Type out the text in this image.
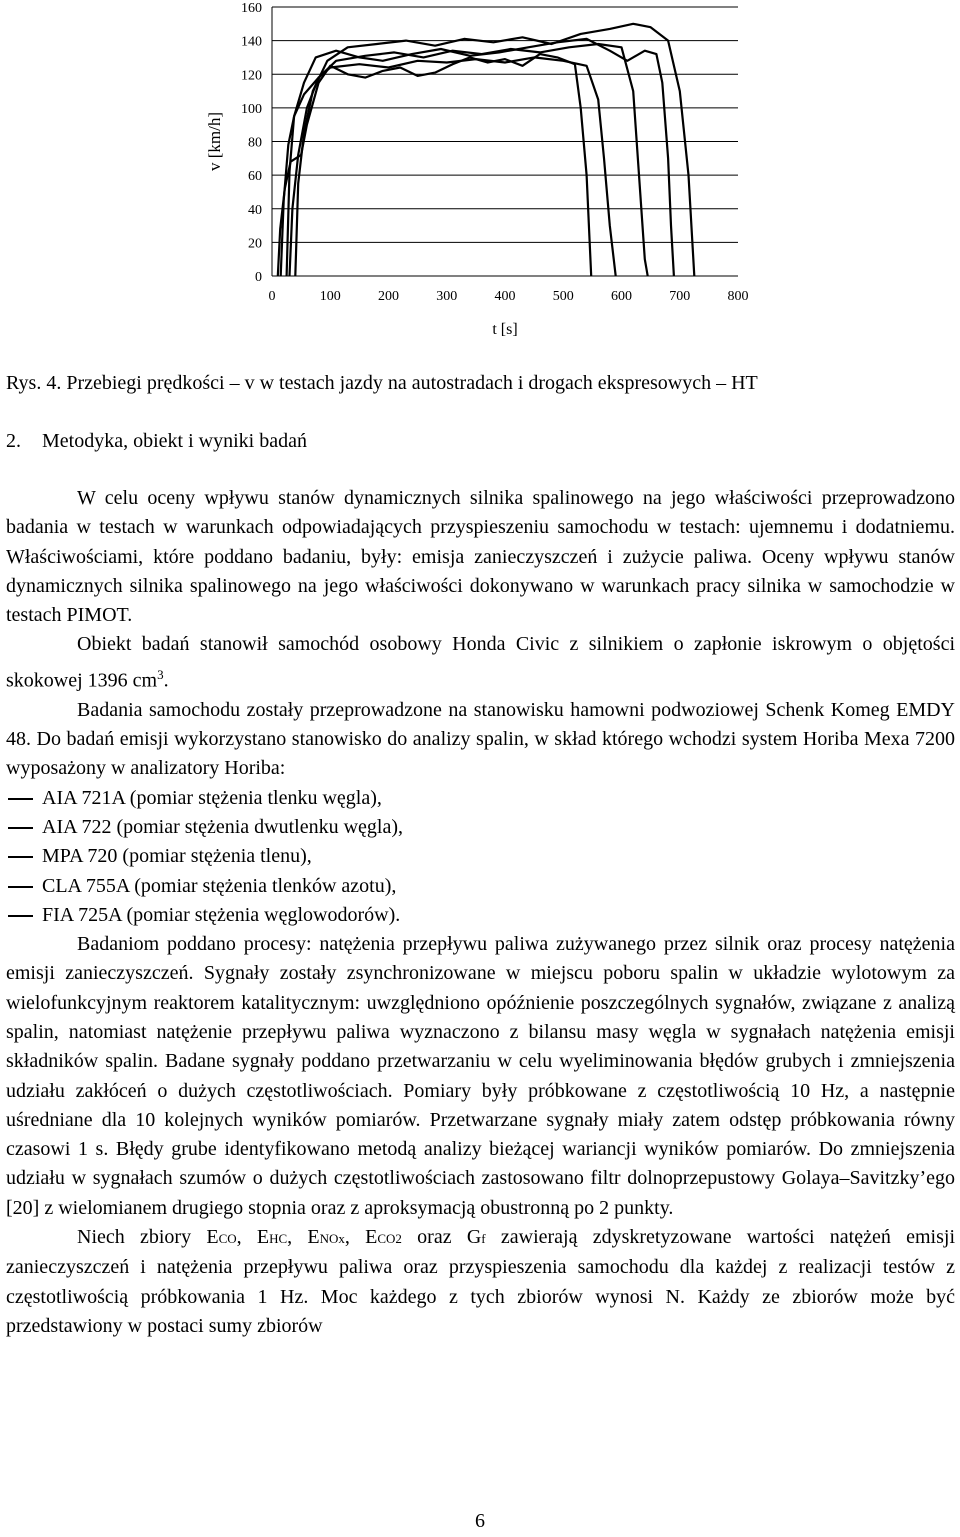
0
20
40
60
80
100
120
140
160
0	100	200	300	400	500	600	700	800
v [km/h]
t [s]
Rys. 4. Przebiegi prędkości – v w testach jazdy na autostradach i drogach ekspresowych – HT
2. Metodyka, obiekt i wyniki badań

W celu oceny wpływu stanów dynamicznych silnika spalinowego na jego właściwości przeprowadzono badania w testach w warunkach odpowiadających przyspieszeniu samochodu w testach: ujemnemu i dodatniemu. Właściwościami, które poddano badaniu, były: emisja zanieczyszczeń i zużycie paliwa. Oceny wpływu stanów dynamicznych silnika spalinowego na jego właściwości dokonywano w warunkach pracy silnika w samochodzie w testach PIMOT.

Obiekt badań stanowił samochód osobowy Honda Civic z silnikiem o zapłonie iskrowym o objętości skokowej 1396 $cm^3$.

Badania samochodu zostały przeprowadzone na stanowisku hamowni podwoziowej Schenk Komeg EMDY 48. Do badań emisji wykorzystano stanowisko do analizy spalin, w skład którego wchodzi system Horiba Mexa 7200 wyposażony w analizatory Horiba:

AIA 721A (pomiar stężenia tlenku węgla),
AIA 722 (pomiar stężenia dwutlenku węgla),
MPA 720 (pomiar stężenia tlenu),
CLA 755A (pomiar stężenia tlenków azotu),
FIA 725A (pomiar stężenia węglowodorów).

Badaniom poddano procesy: natężenia przepływu paliwa zużywanego przez silnik oraz procesy natężenia emisji zanieczyszczeń. Sygnały zostały zsynchronizowane w miejscu poboru spalin w układzie wylotowym za wielofunkcyjnym reaktorem katalitycznym: uwzględniono opóźnienie poszczególnych sygnałów, związane z analizą spalin, natomiast natężenie przepływu paliwa wyznaczono z bilansu masy węgla w sygnałach natężenia emisji składników spalin. Badane sygnały poddano przetwarzaniu w celu wyeliminowania błędów grubych i zmniejszenia udziału zakłóceń o dużych częstotliwościach. Pomiary były próbkowane z częstotliwością 10 Hz, a następnie uśredniane dla 10 kolejnych wyników pomiarów. Przetwarzane sygnały miały zatem odstęp próbkowania równy czasowi 1 s. Błędy grube identyfikowano metodą analizy bieżącej wariancji wyników pomiarów. Do zmniejszenia udziału w sygnałach szumów o dużych częstotliwościach zastosowano filtr dolnoprzepustowy Golaya–Savitzky’ego [20] z wielomianem drugiego stopnia oraz z aproksymacją obustronną po 2 punkty.

Niech zbiory ECO, EHC, ENOx, ECO2 oraz Gf zawierają zdyskretyzowane wartości natężeń emisji zanieczyszczeń i natężenia przepływu paliwa oraz przyspieszenia samochodu dla każdej z realizacji testów z częstotliwością próbkowania 1 Hz. Moc każdego z tych zbiorów wynosi N. Każdy ze zbiorów może być przedstawiony w postaci sumy zbiorów

6
